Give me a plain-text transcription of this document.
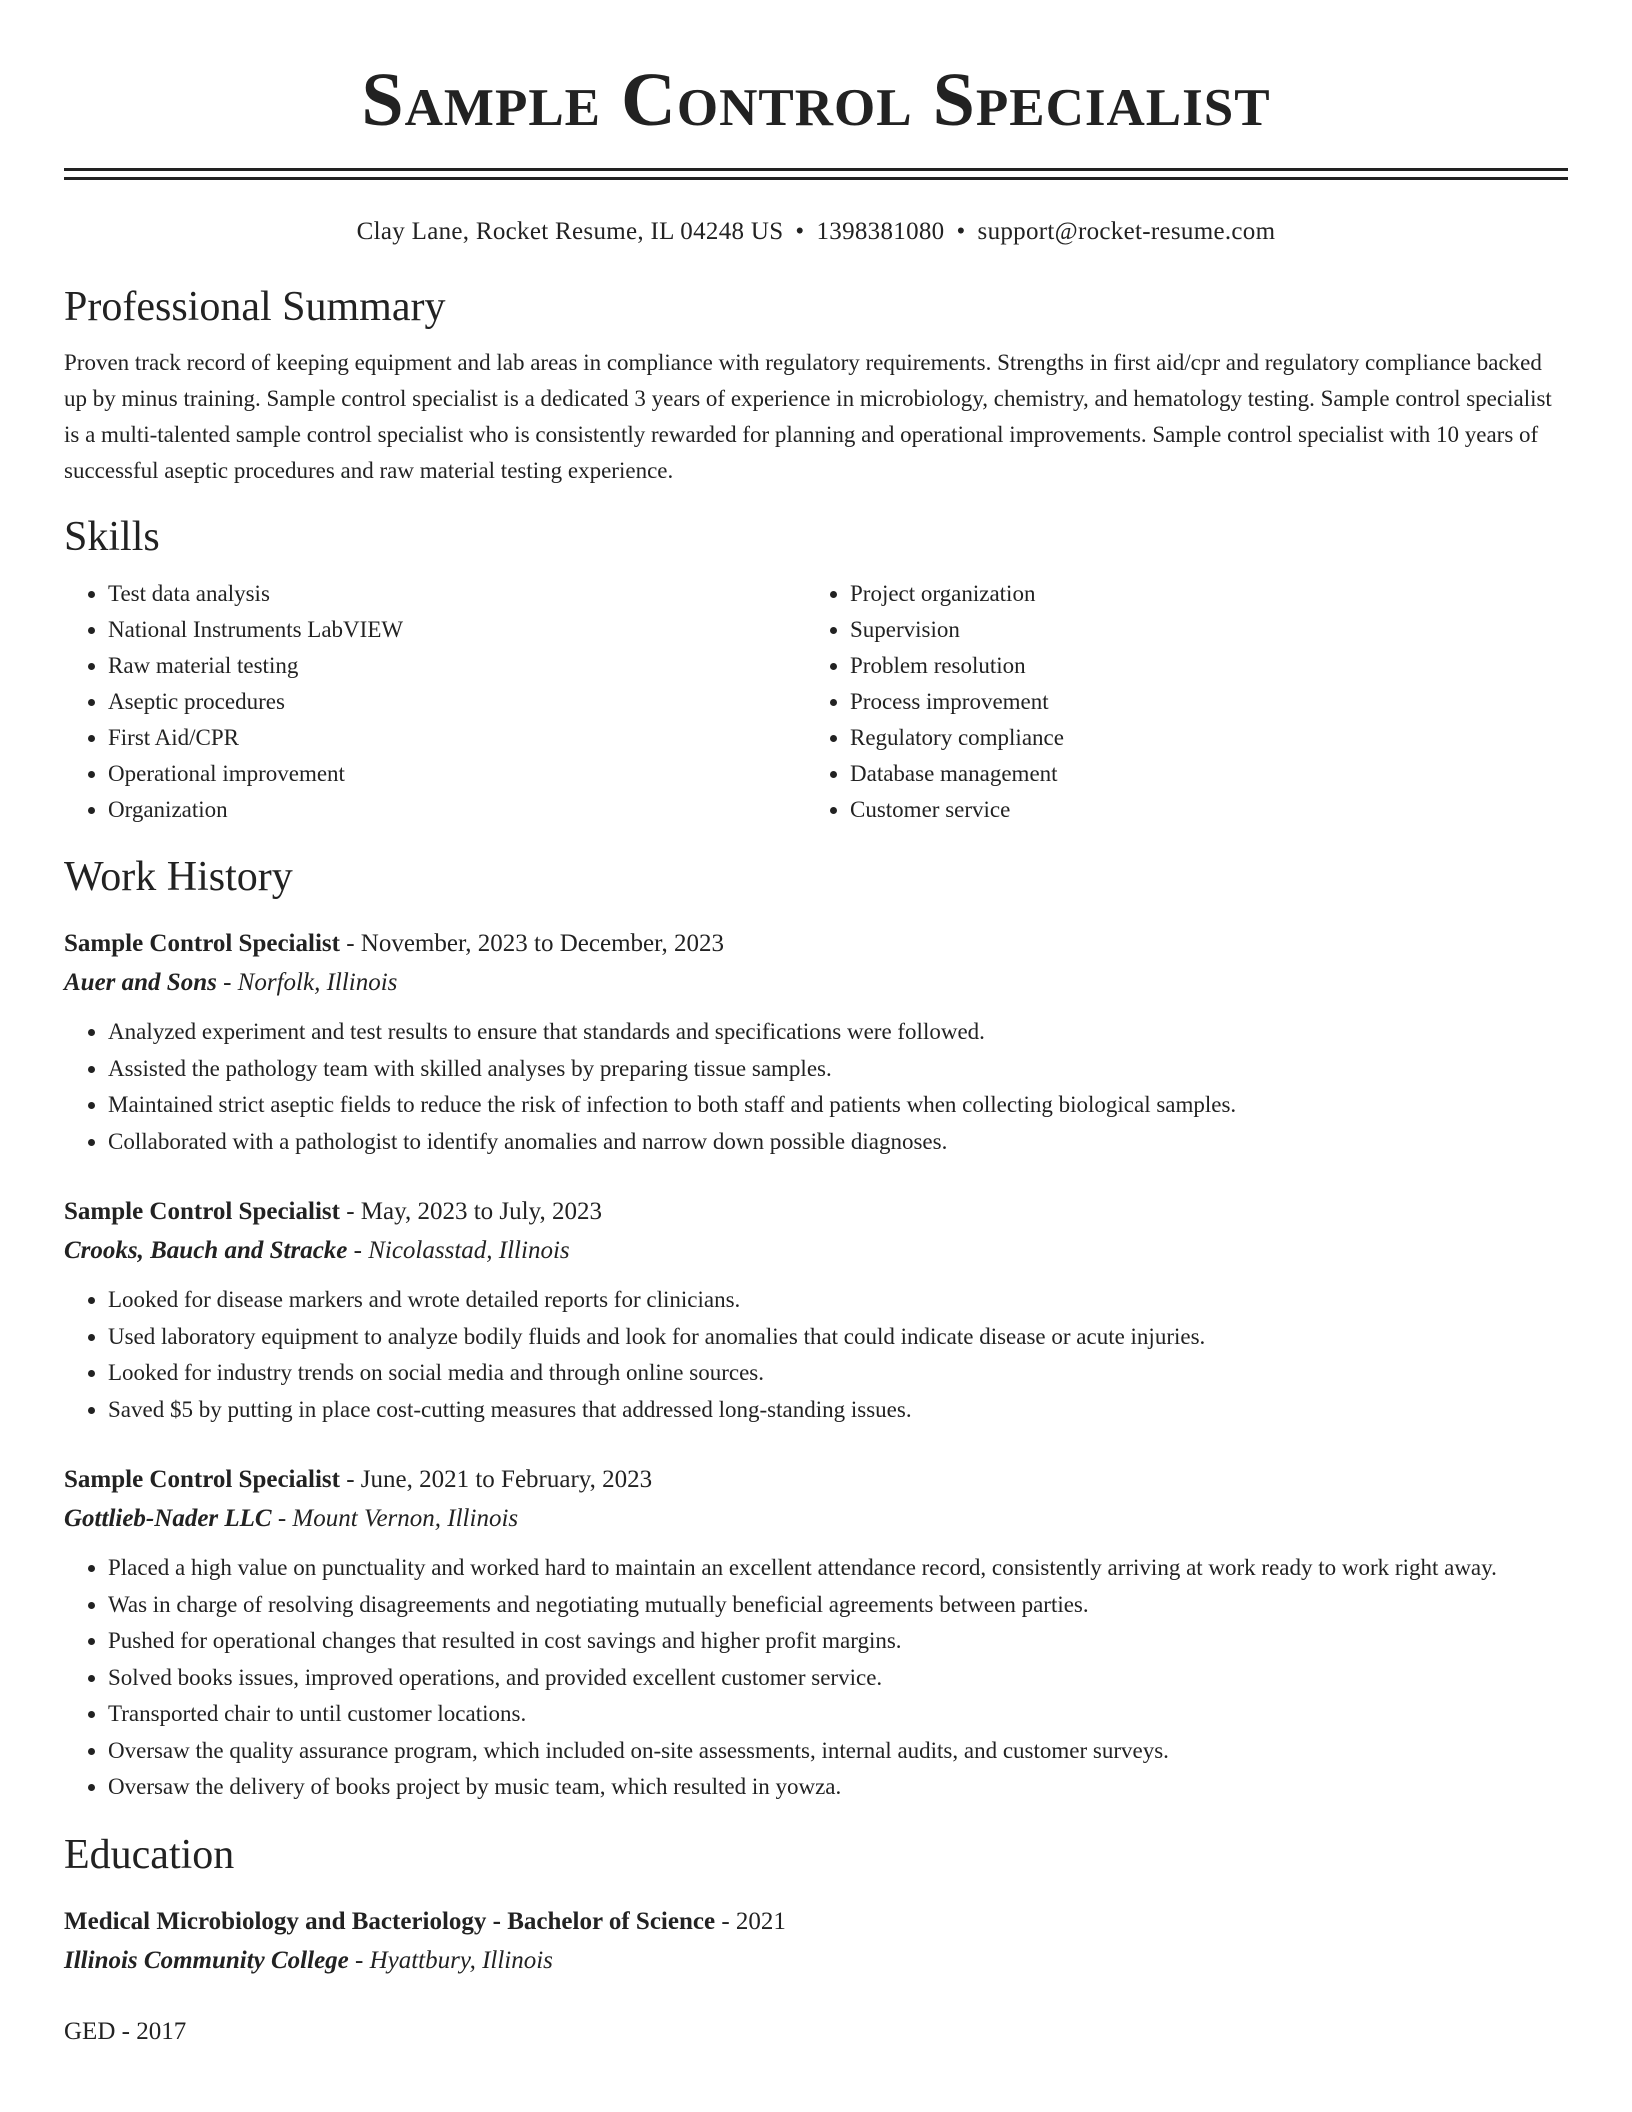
Sample Control Specialist
Clay Lane, Rocket Resume, IL 04248 US • 1398381080 • support@rocket-resume.com
Professional Summary
Proven track record of keeping equipment and lab areas in compliance with regulatory requirements. Strengths in first aid/cpr and regulatory compliance backed up by minus training. Sample control specialist is a dedicated 3 years of experience in microbiology, chemistry, and hematology testing. Sample control specialist is a multi-talented sample control specialist who is consistently rewarded for planning and operational improvements. Sample control specialist with 10 years of successful aseptic procedures and raw material testing experience.
Skills
• Test data analysis
• National Instruments LabVIEW
• Raw material testing
• Aseptic procedures
• First Aid/CPR
• Operational improvement
• Organization
• Project organization
• Supervision
• Problem resolution
• Process improvement
• Regulatory compliance
• Database management
• Customer service
Work History
Sample Control Specialist - November, 2023 to December, 2023
Auer and Sons - Norfolk, Illinois
• Analyzed experiment and test results to ensure that standards and specifications were followed.
• Assisted the pathology team with skilled analyses by preparing tissue samples.
• Maintained strict aseptic fields to reduce the risk of infection to both staff and patients when collecting biological samples.
• Collaborated with a pathologist to identify anomalies and narrow down possible diagnoses.
Sample Control Specialist - May, 2023 to July, 2023
Crooks, Bauch and Stracke - Nicolasstad, Illinois
• Looked for disease markers and wrote detailed reports for clinicians.
• Used laboratory equipment to analyze bodily fluids and look for anomalies that could indicate disease or acute injuries.
• Looked for industry trends on social media and through online sources.
• Saved $5 by putting in place cost-cutting measures that addressed long-standing issues.
Sample Control Specialist - June, 2021 to February, 2023
Gottlieb-Nader LLC - Mount Vernon, Illinois
• Placed a high value on punctuality and worked hard to maintain an excellent attendance record, consistently arriving at work ready to work right away.
• Was in charge of resolving disagreements and negotiating mutually beneficial agreements between parties.
• Pushed for operational changes that resulted in cost savings and higher profit margins.
• Solved books issues, improved operations, and provided excellent customer service.
• Transported chair to until customer locations.
• Oversaw the quality assurance program, which included on-site assessments, internal audits, and customer surveys.
• Oversaw the delivery of books project by music team, which resulted in yowza.
Education
Medical Microbiology and Bacteriology - Bachelor of Science - 2021
Illinois Community College - Hyattbury, Illinois
GED - 2017
